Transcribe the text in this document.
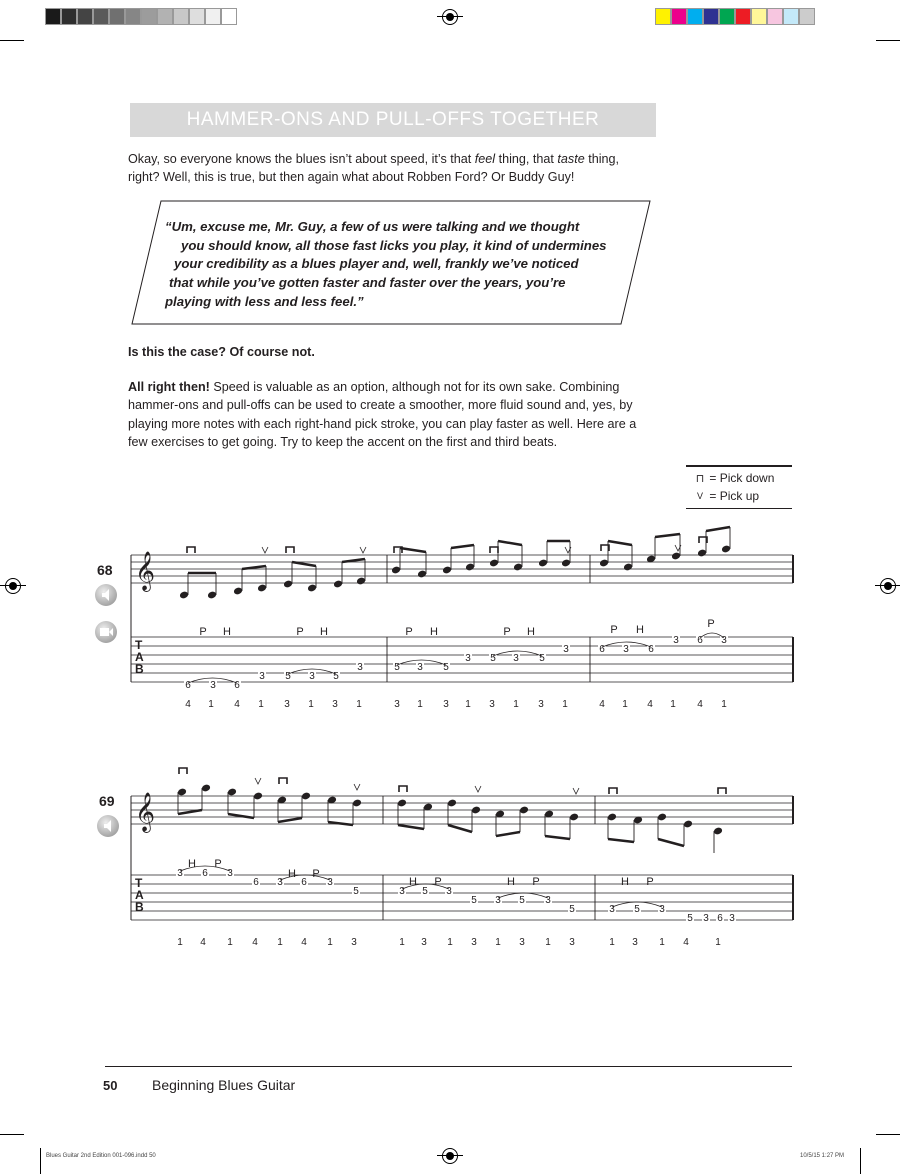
HAMMER-ONS AND PULL-OFFS TOGETHER
Okay, so everyone knows the blues isn’t about speed, it’s that feel thing, that taste thing,
right? Well, this is true, but then again what about Robben Ford? Or Buddy Guy!
“Um, excuse me, Mr. Guy, a few of us were talking and we thought
you should know, all those fast licks you play, it kind of undermines
your credibility as a blues player and, well, frankly we’ve noticed
that while you’ve gotten faster and faster over the years, you’re
playing with less and less feel.”
Is this the case? Of course not.
All right then! Speed is valuable as an option, although not for its own sake. Combining
hammer-ons and pull-offs can be used to create a smoother, more fluid sound and, yes, by
playing more notes with each right-hand pick stroke, you can play faster as well. Here are a
few exercises to get going. Try to keep the accent on the first and third beats.
⊓
=
Pick down
V
=
Pick up
68 𝄞
T
A
B
P H	P H	P H	P H	P H	P
6 3 6
3 5 3 5
3	5 3 5
3 5 3 5
3	6 3 6
3 6 3
4 1 4 1 3 1 3 1	3 1 3 1 3 1 3 1	4 1 4 1 4 1
69 𝄞
T
A
B
H P
H P
H P	H P	H P
3 6 3
6 3 6 3
5	3 5 3
5 3 5 3
5	3 5 3
5 3 6 3
1 4 1 4 1 4 1 3	1 3 1 3 1 3 1 3	1 3 1 4	1
50 Beginning Blues Guitar
Blues Guitar 2nd Edition 001-096.indd 50	10/5/15 1:27 PM
